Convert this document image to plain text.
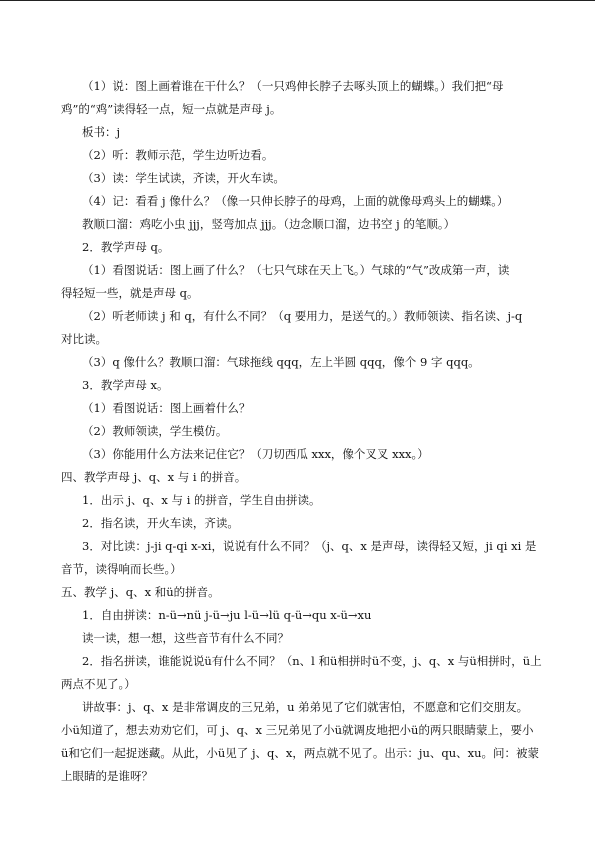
（1）说：图上画着谁在干什么？（一只鸡伸长脖子去啄头顶上的蝴蝶。）我们把“母
鸡”的“鸡”读得轻一点，短一点就是声母 j。
板书：j
（2）听：教师示范，学生边听边看。
（3）读：学生试读，齐读，开火车读。
（4）记：看看 j 像什么？（像一只伸长脖子的母鸡，上面的就像母鸡头上的蝴蝶。）
教顺口溜：鸡吃小虫 jjj，竖弯加点 jjj。（边念顺口溜，边书空 j 的笔顺。）
2．教学声母 q。
（1）看图说话：图上画了什么？（七只气球在天上飞。）气球的“气”改成第一声，读
得轻短一些，就是声母 q。
（2）听老师读 j 和 q，有什么不同？（q 要用力，是送气的。）教师领读、指名读、j-q
对比读。
（3）q 像什么？教顺口溜：气球拖线 qqq，左上半圆 qqq，像个 9 字 qqq。
3．教学声母 x。
（1）看图说话：图上画着什么？
（2）教师领读，学生模仿。
（3）你能用什么方法来记住它？（刀切西瓜 xxx，像个叉叉 xxx。）
四、教学声母 j、q、x 与 i 的拼音。
1．出示 j、q、x 与 i 的拼音，学生自由拼读。
2．指名读，开火车读，齐读。
3．对比读：j-ji q-qi x-xi，说说有什么不同？（j、q、x 是声母，读得轻又短，ji qi xi 是
音节，读得响而长些。）
五、教学 j、q、x 和ü的拼音。
1．自由拼读：n-ü→nü j-ü→ju l-ü→lü q-ü→qu x-ü→xu
读一读，想一想，这些音节有什么不同？
2．指名拼读，谁能说说ü有什么不同？（n、l 和ü相拼时ü不变，j、q、x 与ü相拼时，ü上
两点不见了。）
讲故事：j、q、x 是非常调皮的三兄弟，u 弟弟见了它们就害怕，不愿意和它们交朋友。
小ü知道了，想去劝劝它们，可 j、q、x 三兄弟见了小ü就调皮地把小ü的两只眼睛蒙上，要小
ü和它们一起捉迷藏。从此，小ü见了 j、q、x，两点就不见了。出示：ju、qu、xu。问：被蒙
上眼睛的是谁呀？
